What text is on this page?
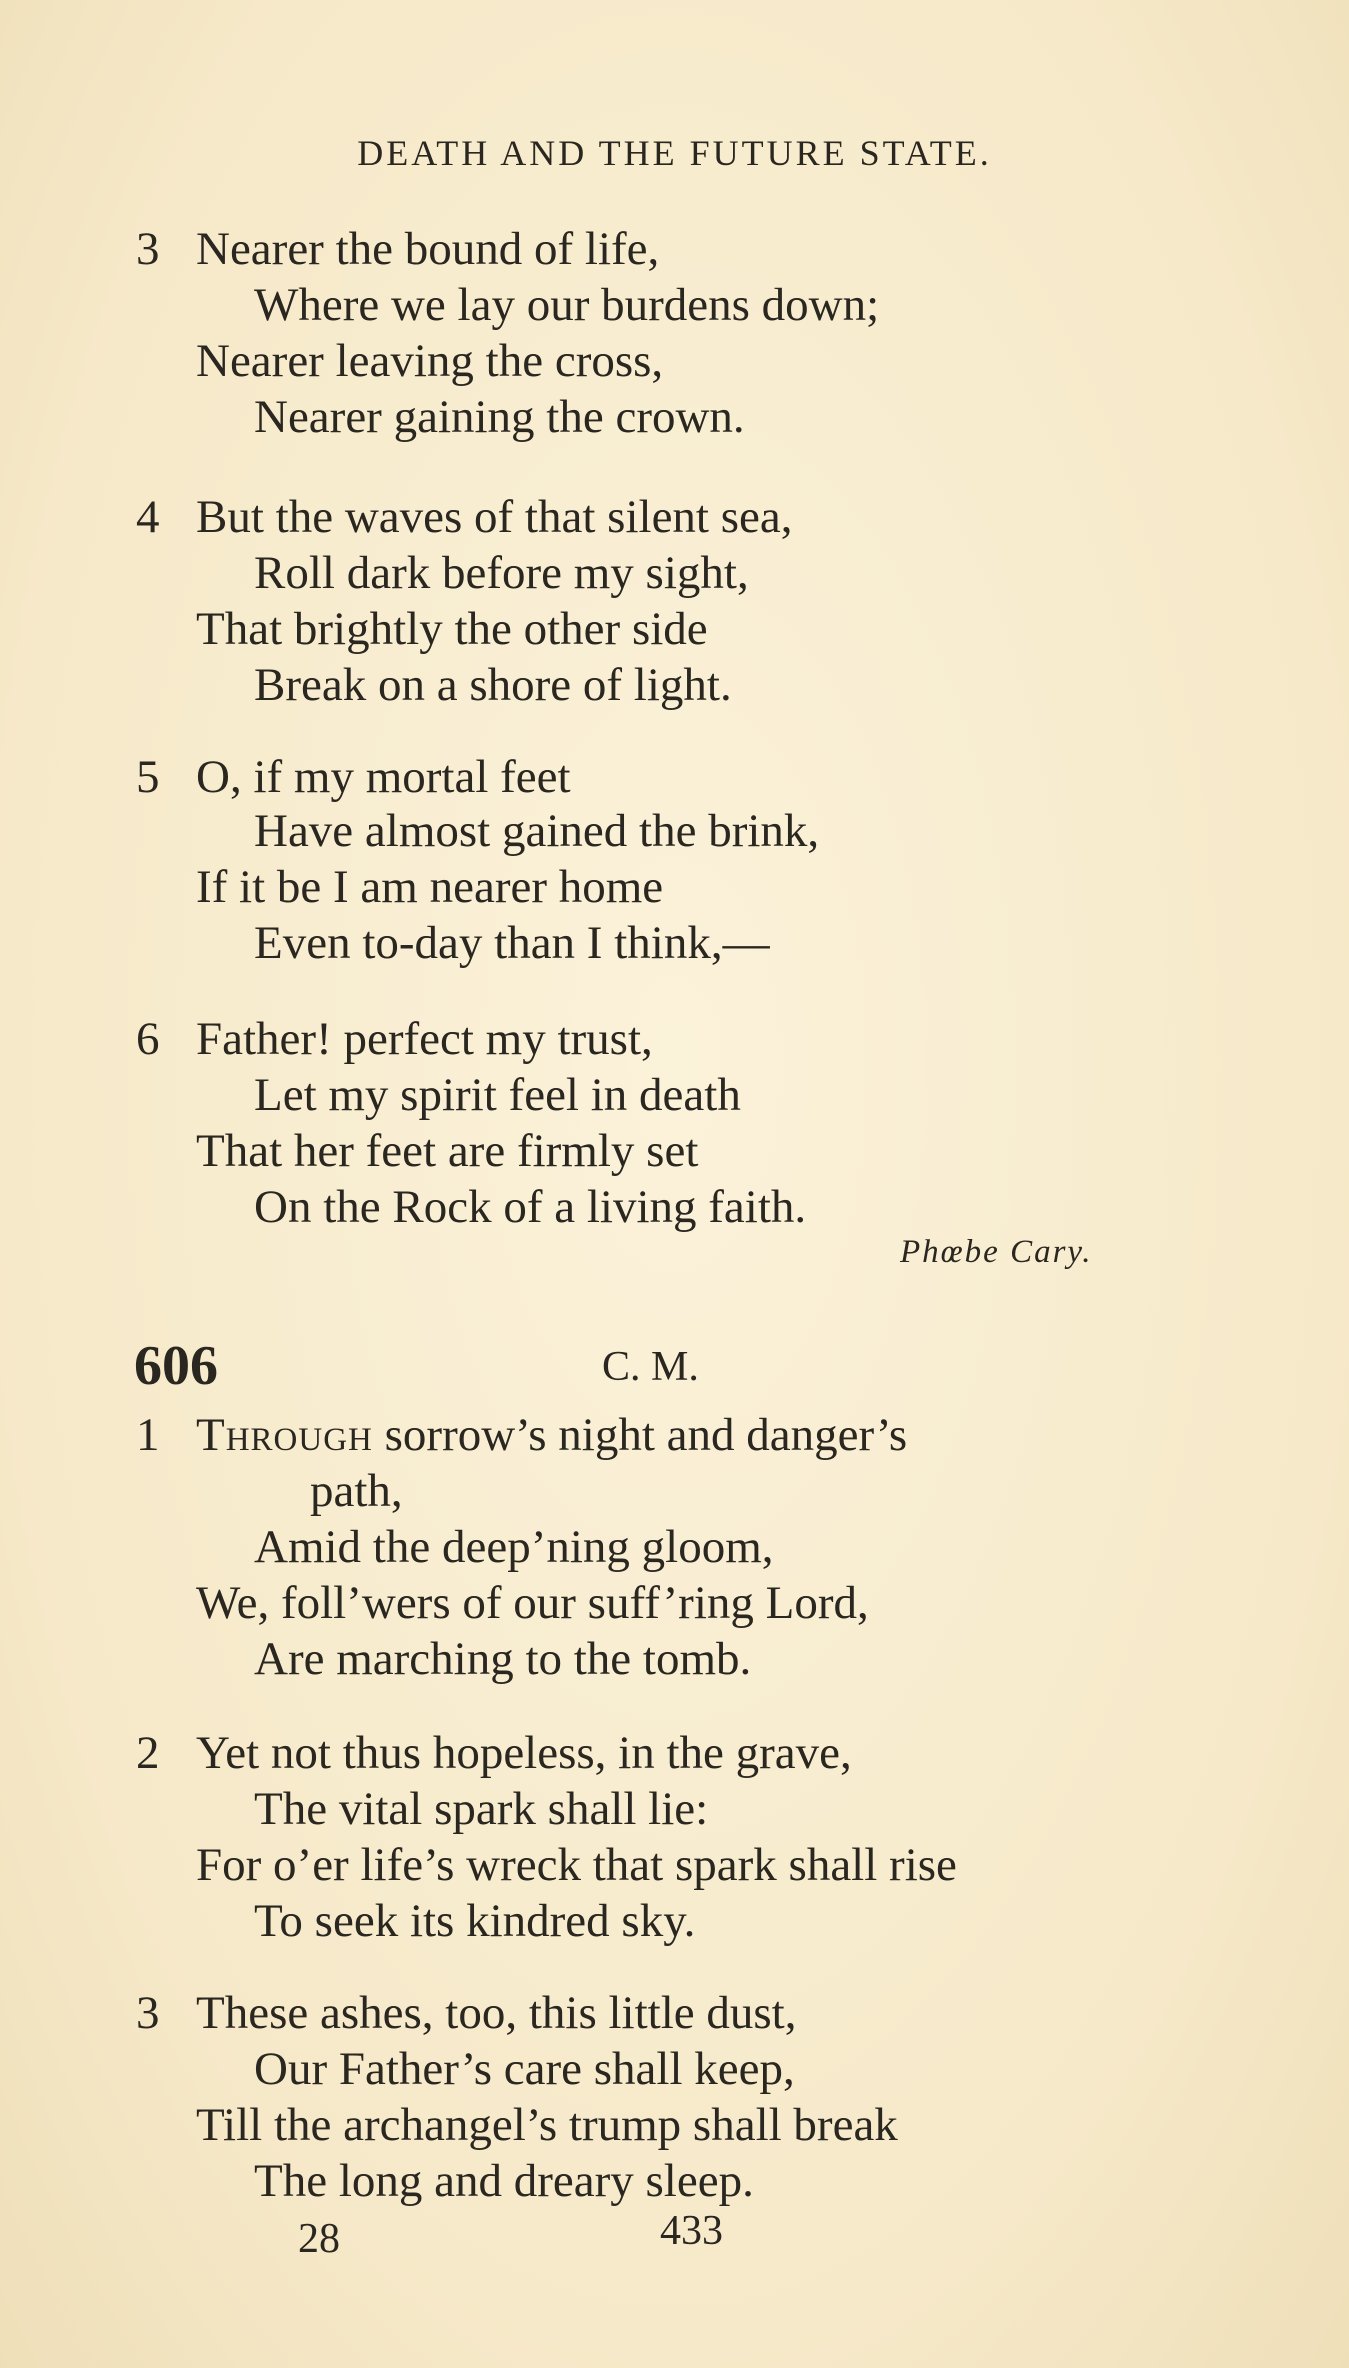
DEATH AND THE FUTURE STATE.
3 Nearer the bound of life,
Where we lay our burdens down;
Nearer leaving the cross,
Nearer gaining the crown.
4 But the waves of that silent sea,
Roll dark before my sight,
That brightly the other side
Break on a shore of light.
5 O, if my mortal feet
Have almost gained the brink,
If it be I am nearer home
Even to-day than I think,—
6 Father! perfect my trust,
Let my spirit feel in death
That her feet are firmly set
On the Rock of a living faith.
Phœbe Cary.
606	C. M.
1 Through sorrow’s night and danger’s
path,
Amid the deep’ning gloom,
We, foll’wers of our suff’ring Lord,
Are marching to the tomb.
2 Yet not thus hopeless, in the grave,
The vital spark shall lie:
For o’er life’s wreck that spark shall rise
To seek its kindred sky.
3 These ashes, too, this little dust,
Our Father’s care shall keep,
Till the archangel’s trump shall break
The long and dreary sleep.
28	433
